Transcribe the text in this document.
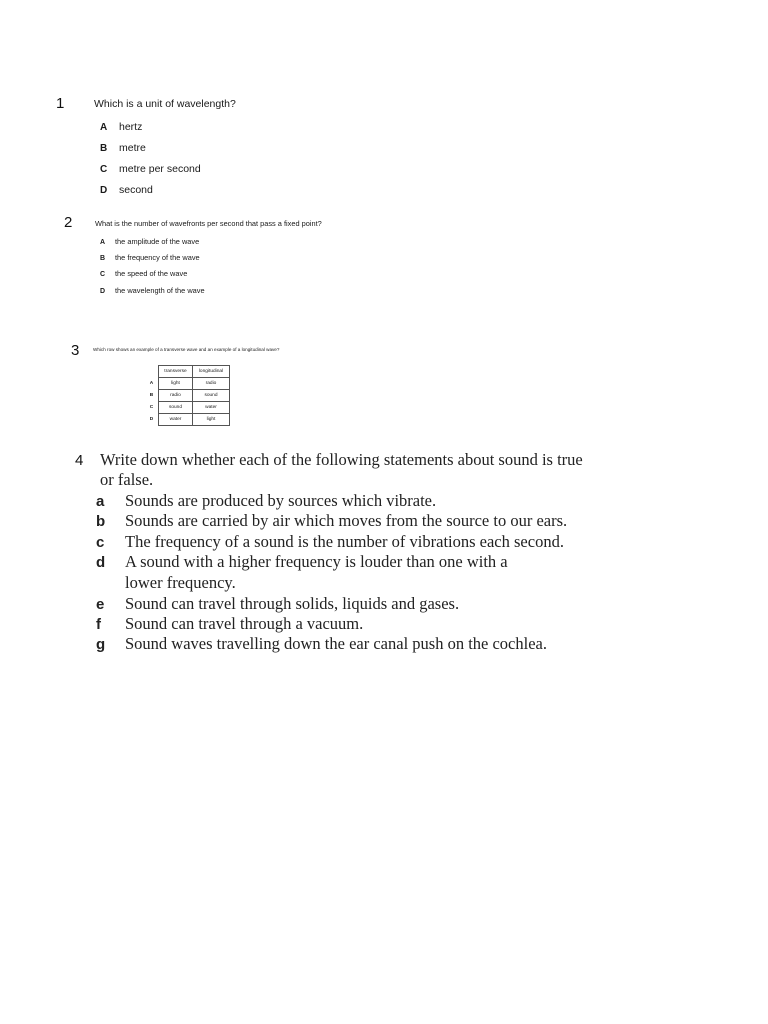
1	Which is a unit of wavelength?
A hertz
B metre
C metre per second
D second
2	What is the number of wavefronts per second that pass a fixed point?
A the amplitude of the wave
B the frequency of the wave
C the speed of the wave
D the wavelength of the wave
3	Which row shows an example of a transverse wave and an example of a longitudinal wave?
	transverse	longitudinal
A	light	radio
B	radio	sound
C	sound	water
D	water	light
4 Write down whether each of the following statements about sound is true
or false.
a Sounds are produced by sources which vibrate.
b Sounds are carried by air which moves from the source to our ears.
c The frequency of a sound is the number of vibrations each second.
d A sound with a higher frequency is louder than one with a
lower frequency.
e Sound can travel through solids, liquids and gases.
f Sound can travel through a vacuum.
g Sound waves travelling down the ear canal push on the cochlea.
